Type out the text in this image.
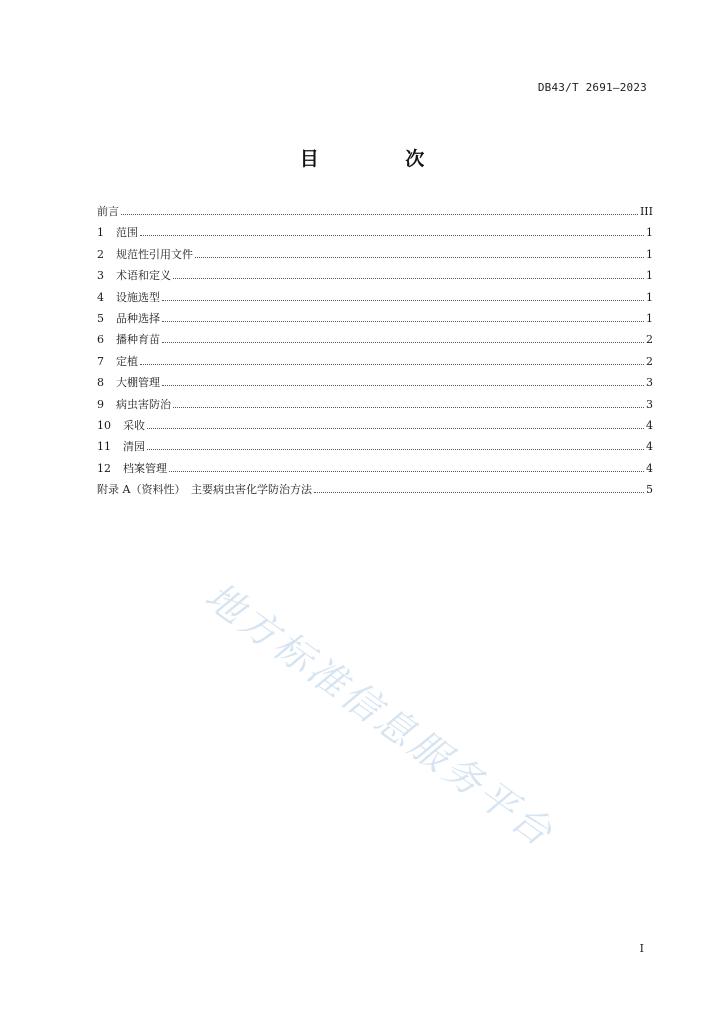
DB43/T 2691—2023
目 次
前言	III
1	范围	1
2	规范性引用文件	1
3	术语和定义	1
4	设施选型	1
5	品种选择	1
6	播种育苗	2
7	定植	2
8	大棚管理	3
9	病虫害防治	3
10	采收	4
11	清园	4
12	档案管理	4
附录 A（资料性）　主要病虫害化学防治方法	5
地方标准信息服务平台
I
